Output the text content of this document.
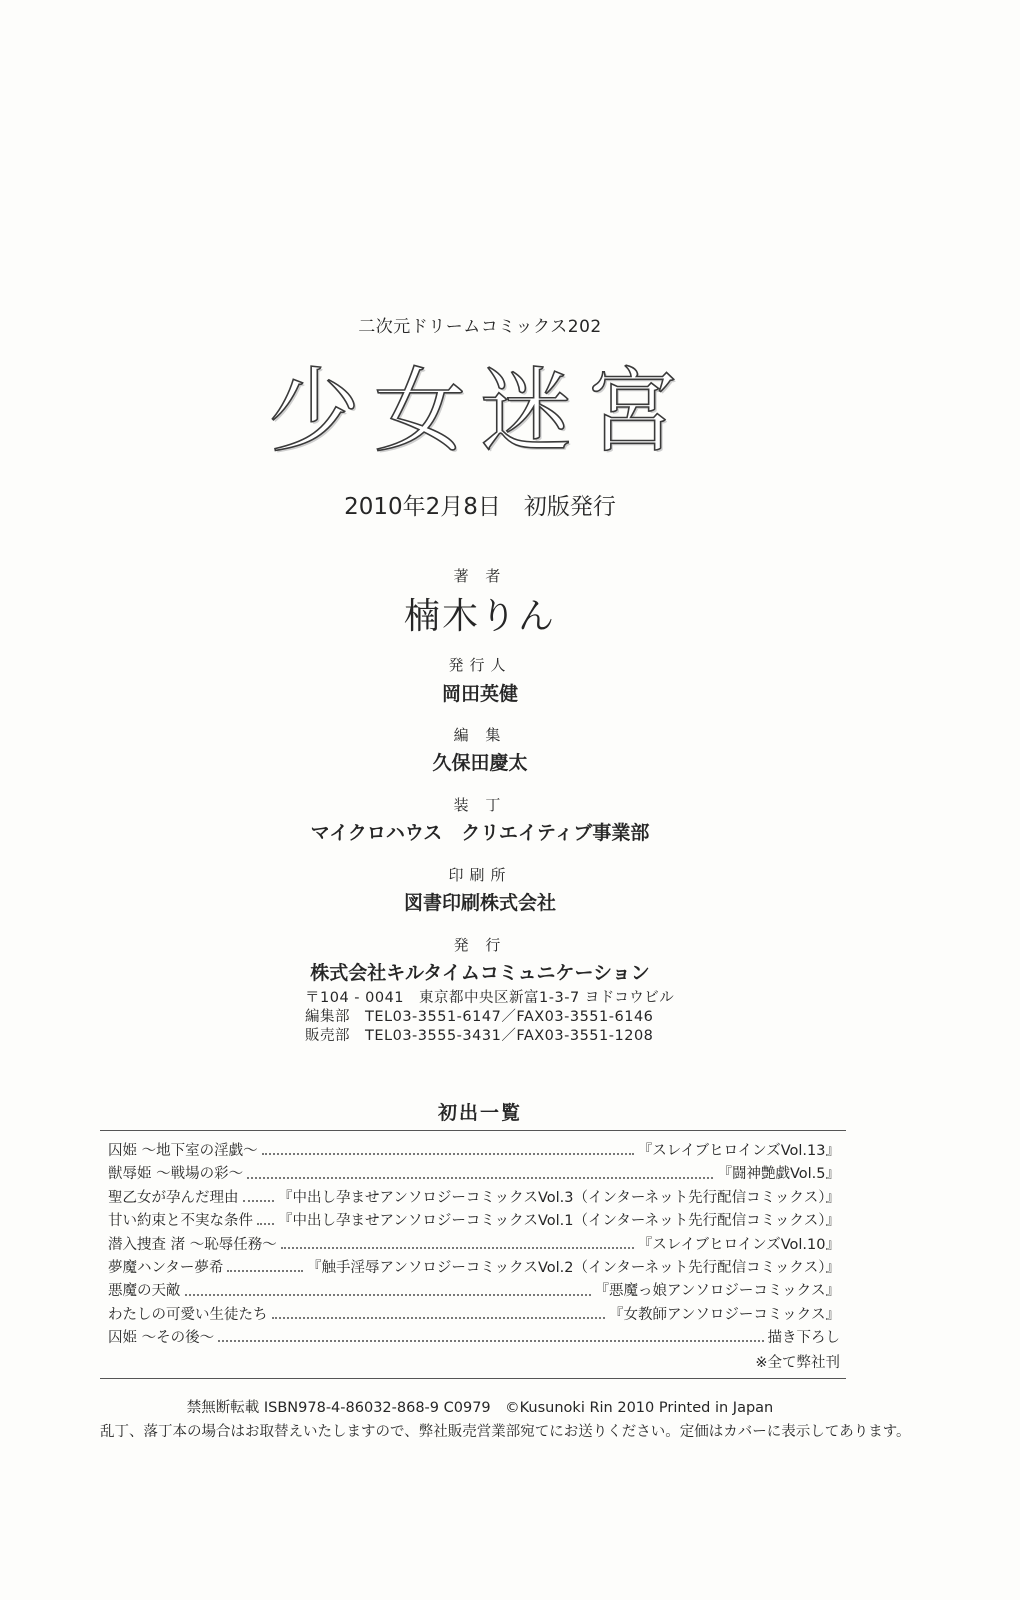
二次元ドリームコミックス202
少女迷宮
2010年2月8日　初版発行
著 者
楠木りん
発行人
岡田英健
編 集
久保田慶太
装 丁
マイクロハウス　クリエイティブ事業部
印刷所
図書印刷株式会社
発 行
株式会社キルタイムコミュニケーション
〒104 - 0041　東京都中央区新富1-3-7 ヨドコウビル
編集部　TEL03-3551-6147／FAX03-3551-6146
販売部　TEL03-3555-3431／FAX03-3551-1208
初出一覧
囚姫 ～地下室の淫戯～	『スレイブヒロインズVol.13』
獣辱姫 ～戦場の彩～	『闘神艶戯Vol.5』
聖乙女が孕んだ理由	『中出し孕ませアンソロジーコミックスVol.3（インターネット先行配信コミックス）』
甘い約束と不実な条件 『中出し孕ませアンソロジーコミックスVol.1（インターネット先行配信コミックス）』
潜入捜査 渚 ～恥辱任務～	『スレイブヒロインズVol.10』
夢魔ハンター夢希	『触手淫辱アンソロジーコミックスVol.2（インターネット先行配信コミックス）』
悪魔の天敵	『悪魔っ娘アンソロジーコミックス』
わたしの可愛い生徒たち	『女教師アンソロジーコミックス』
囚姫 ～その後～	描き下ろし
※全て弊社刊
禁無断転載 ISBN978-4-86032-868-9 C0979　©Kusunoki Rin 2010 Printed in Japan
乱丁、落丁本の場合はお取替えいたしますので、弊社販売営業部宛てにお送りください。定価はカバーに表示してあります。
